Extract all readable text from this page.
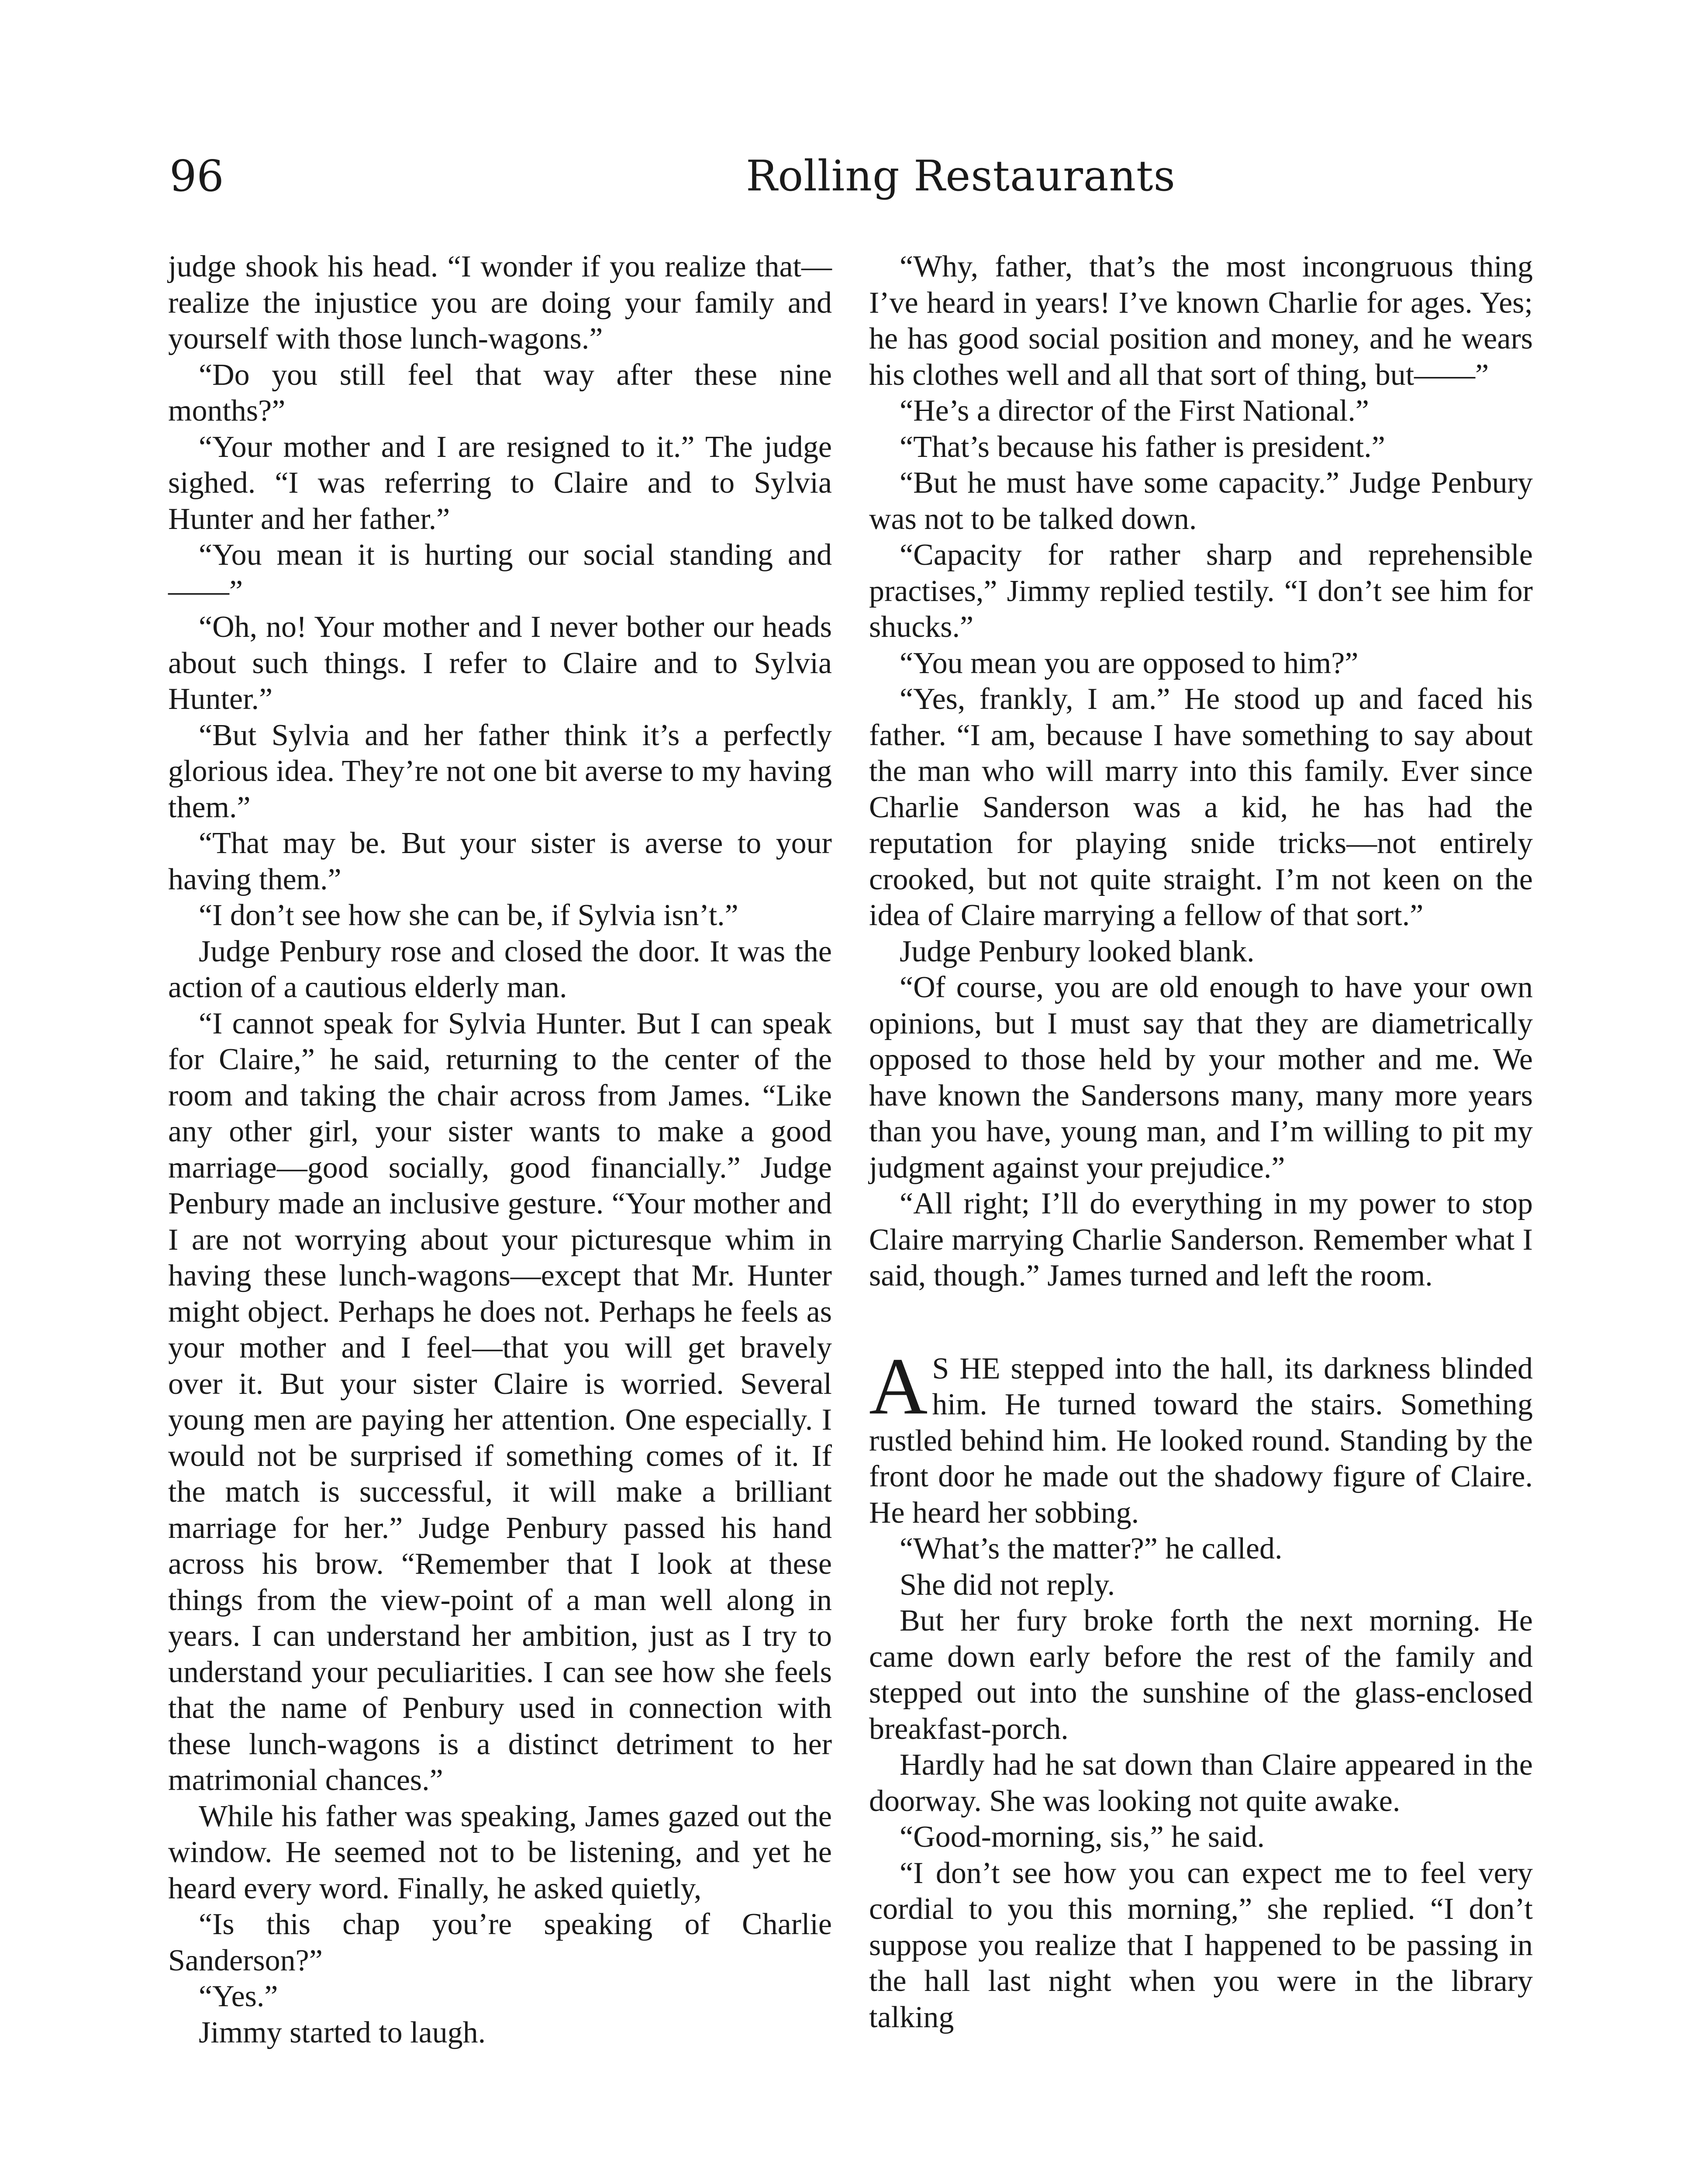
96	Rolling Restaurants

judge shook his head. “I wonder if you realize that—realize the injustice you are doing your family and yourself with those lunch-wagons.”

“Do you still feel that way after these nine months?”

“Your mother and I are resigned to it.” The judge sighed. “I was referring to Claire and to Sylvia Hunter and her father.”

“You mean it is hurting our social standing and——”

“Oh, no! Your mother and I never bother our heads about such things. I refer to Claire and to Sylvia Hunter.”

“But Sylvia and her father think it’s a perfectly glorious idea. They’re not one bit averse to my having them.”

“That may be. But your sister is averse to your having them.”

“I don’t see how she can be, if Sylvia isn’t.”

Judge Penbury rose and closed the door. It was the action of a cautious elderly man.

“I cannot speak for Sylvia Hunter. But I can speak for Claire,” he said, returning to the center of the room and taking the chair across from James. “Like any other girl, your sister wants to make a good marriage—good socially, good financially.” Judge Penbury made an inclusive gesture. “Your mother and I are not worrying about your picturesque whim in having these lunch-wagons—except that Mr. Hunter might object. Perhaps he does not. Perhaps he feels as your mother and I feel—that you will get bravely over it. But your sister Claire is worried. Several young men are paying her attention. One especially. I would not be surprised if something comes of it. If the match is successful, it will make a brilliant marriage for her.” Judge Penbury passed his hand across his brow. “Remember that I look at these things from the view-point of a man well along in years. I can understand her ambition, just as I try to understand your peculiarities. I can see how she feels that the name of Penbury used in connection with these lunch-wagons is a distinct detriment to her matrimonial chances.”

While his father was speaking, James gazed out the window. He seemed not to be listening, and yet he heard every word. Finally, he asked quietly,

“Is this chap you’re speaking of Charlie Sanderson?”

“Yes.”

Jimmy started to laugh.

“Why, father, that’s the most incongruous thing I’ve heard in years! I’ve known Charlie for ages. Yes; he has good social position and money, and he wears his clothes well and all that sort of thing, but——”

“He’s a director of the First National.”

“That’s because his father is president.”

“But he must have some capacity.” Judge Penbury was not to be talked down.

“Capacity for rather sharp and reprehensible practises,” Jimmy replied testily. “I don’t see him for shucks.”

“You mean you are opposed to him?”

“Yes, frankly, I am.” He stood up and faced his father. “I am, because I have something to say about the man who will marry into this family. Ever since Charlie Sanderson was a kid, he has had the reputation for playing snide tricks—not entirely crooked, but not quite straight. I’m not keen on the idea of Claire marrying a fellow of that sort.”

Judge Penbury looked blank.

“Of course, you are old enough to have your own opinions, but I must say that they are diametrically opposed to those held by your mother and me. We have known the Sandersons many, many more years than you have, young man, and I’m willing to pit my judgment against your prejudice.”

“All right; I’ll do everything in my power to stop Claire marrying Charlie Sanderson. Remember what I said, though.” James turned and left the room.

A S HE stepped into the hall, its darkness blinded him. He turned toward the stairs. Something rustled behind him. He looked round. Standing by the front door he made out the shadowy figure of Claire. He heard her sobbing.

“What’s the matter?” he called.

She did not reply.

But her fury broke forth the next morning. He came down early before the rest of the family and stepped out into the sunshine of the glass-enclosed breakfast-porch.

Hardly had he sat down than Claire appeared in the doorway. She was looking not quite awake.

“Good-morning, sis,” he said.

“I don’t see how you can expect me to feel very cordial to you this morning,” she replied. “I don’t suppose you realize that I happened to be passing in the hall last night when you were in the library talking
